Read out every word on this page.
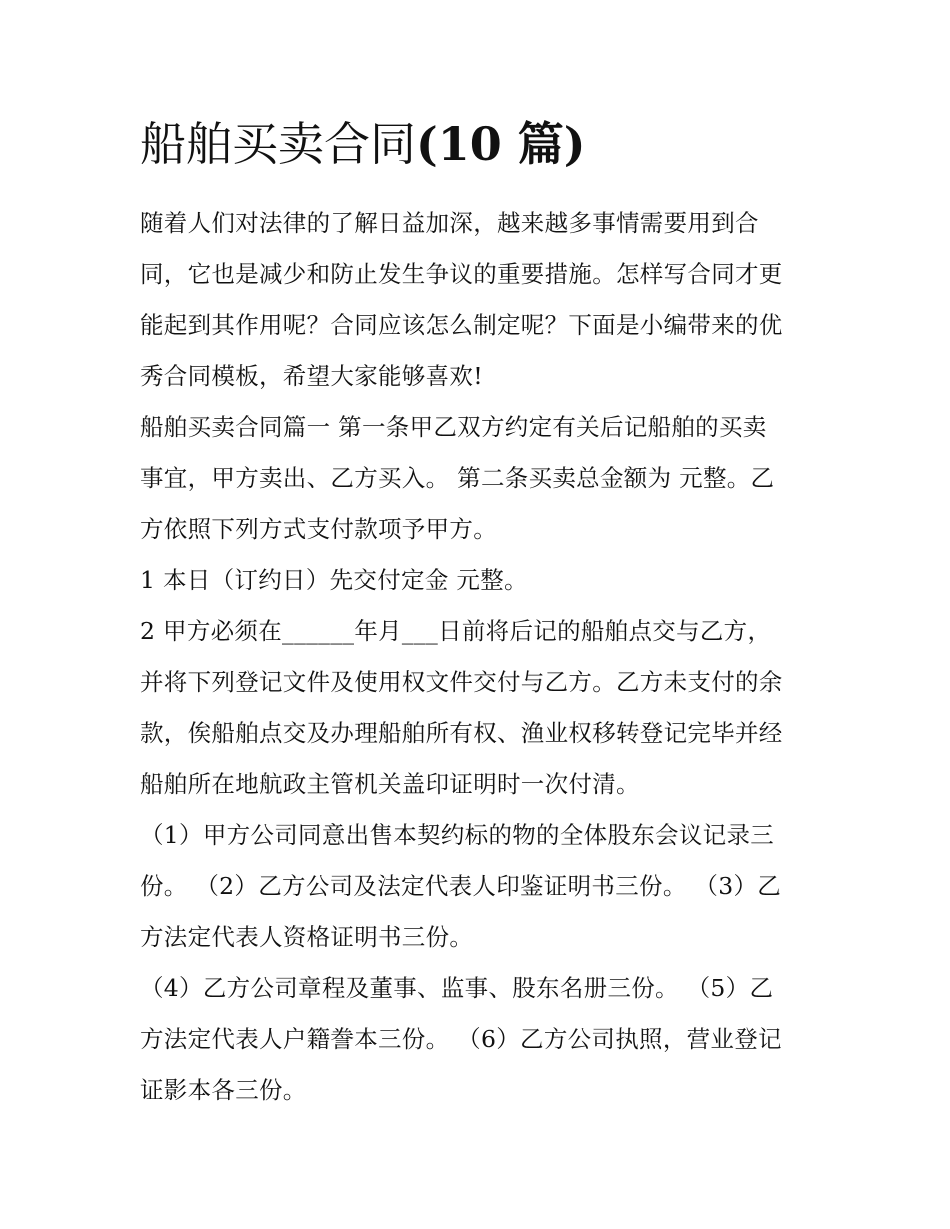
船舶买卖合同(10 篇)

随着人们对法律的了解日益加深，越来越多事情需要用到合
同，它也是减少和防止发生争议的重要措施。怎样写合同才更
能起到其作用呢？合同应该怎么制定呢？下面是小编带来的优
秀合同模板，希望大家能够喜欢!

船舶买卖合同篇一 第一条甲乙双方约定有关后记船舶的买卖
事宜，甲方卖出、乙方买入。 第二条买卖总金额为 元整。乙
方依照下列方式支付款项予甲方。

1 本日（订约日）先交付定金 元整。

2 甲方必须在______年月___日前将后记的船舶点交与乙方，
并将下列登记文件及使用权文件交付与乙方。乙方未支付的余
款，俟船舶点交及办理船舶所有权、渔业权移转登记完毕并经
船舶所在地航政主管机关盖印证明时一次付清。

（1）甲方公司同意出售本契约标的物的全体股东会议记录三
份。 （2）乙方公司及法定代表人印鉴证明书三份。 （3）乙
方法定代表人资格证明书三份。

（4）乙方公司章程及董事、监事、股东名册三份。 （5）乙
方法定代表人户籍誊本三份。 （6）乙方公司执照，营业登记
证影本各三份。
